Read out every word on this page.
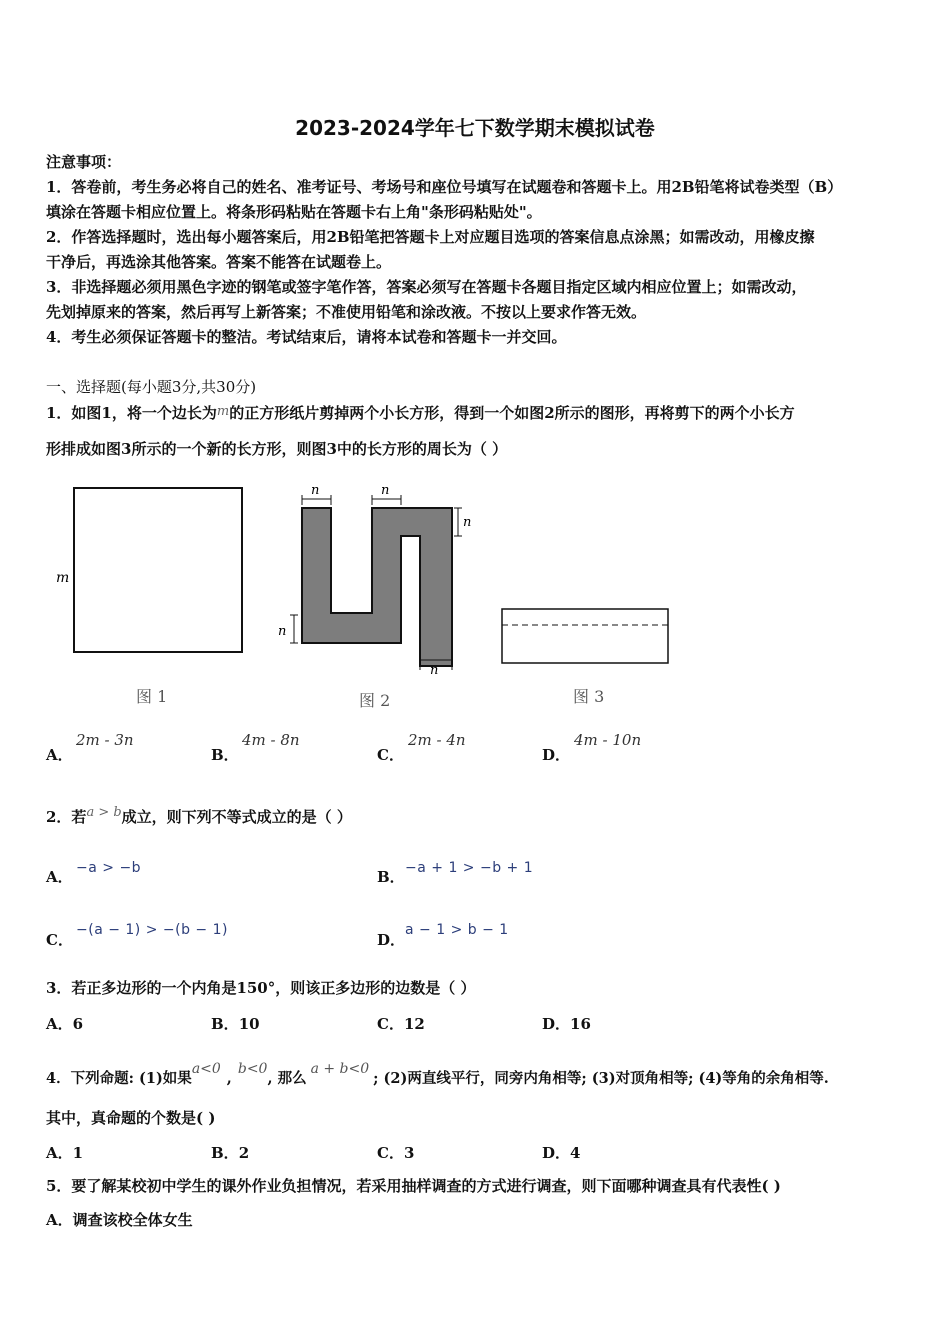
2023-2024学年七下数学期末模拟试卷
注意事项：
1．答卷前，考生务必将自己的姓名、准考证号、考场号和座位号填写在试题卷和答题卡上。用2B铅笔将试卷类型（B）
填涂在答题卡相应位置上。将条形码粘贴在答题卡右上角"条形码粘贴处"。
2．作答选择题时，选出每小题答案后，用2B铅笔把答题卡上对应题目选项的答案信息点涂黑；如需改动，用橡皮擦
干净后，再选涂其他答案。答案不能答在试题卷上。
3．非选择题必须用黑色字迹的钢笔或签字笔作答，答案必须写在答题卡各题目指定区域内相应位置上；如需改动，
先划掉原来的答案，然后再写上新答案；不准使用铅笔和涂改液。不按以上要求作答无效。
4．考生必须保证答题卡的整洁。考试结束后，请将本试卷和答题卡一并交回。
一、选择题(每小题3分,共30分)
1．如图1，将一个边长为m的正方形纸片剪掉两个小长方形，得到一个如图2所示的图形，再将剪下的两个小长方
形排成如图3所示的一个新的长方形，则图3中的长方形的周长为（ ）
m
n	n
n
n
n
图 1	图 2	图 3
A．
2m - 3n
B．
4m - 8n
C．
2m - 4n
D．
4m - 10n
2．若a > b成立，则下列不等式成立的是（ ）
A． −a > −b	B． −a + 1 > −b + 1
C．
−(a − 1) > −(b − 1)
D．
a − 1 > b − 1
3．若正多边形的一个内角是150°，则该正多边形的边数是（ ）
A．6	B．10	C．12	D．16
4．下列命题: (1)如果a<0,b<0, 那么a + b<0; (2)两直线平行，同旁内角相等; (3)对顶角相等; (4)等角的余角相等.
其中，真命题的个数是( )
A．1	B．2	C．3	D．4
5．要了解某校初中学生的课外作业负担情况，若采用抽样调查的方式进行调查，则下面哪种调查具有代表性( )
A．调查该校全体女生
